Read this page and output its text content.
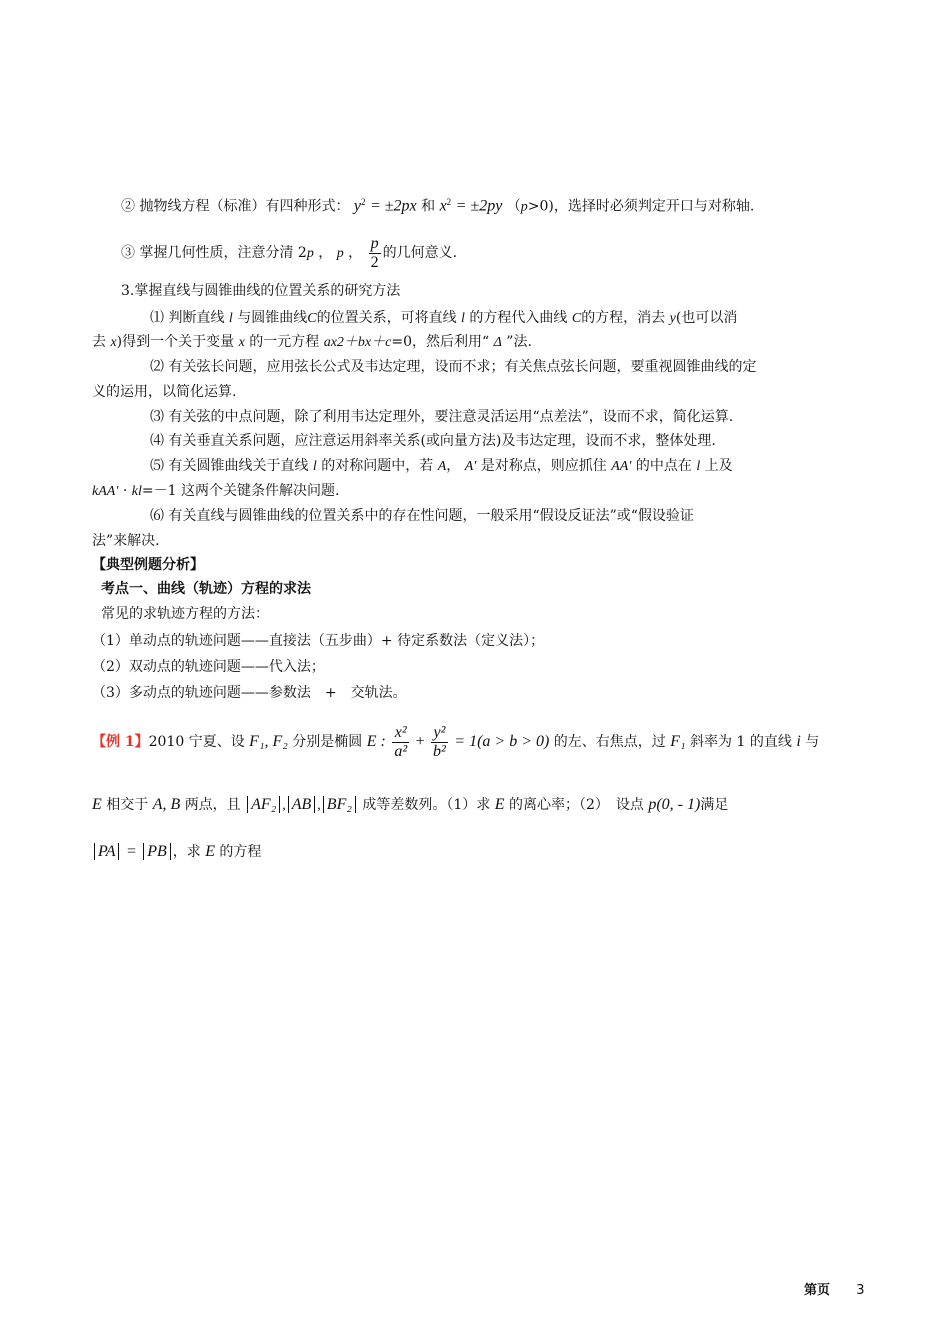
② 抛物线方程（标准）有四种形式： $y^2 = \pm 2px$ 和 $x^2 = \pm 2py$ （p>0)，选择时必须判定开口与对称轴.
③ 掌握几何性质，注意分清 2p ， p ， $\frac{p}{2}$ 的几何意义.
3.掌握直线与圆锥曲线的位置关系的研究方法
⑴ 判断直线 l 与圆锥曲线C的位置关系，可将直线 l 的方程代入曲线 C的方程，消去 y(也可以消
去 x)得到一个关于变量 x 的一元方程 ax2＋bx＋c=0，然后利用“ Δ ”法.
⑵ 有关弦长问题，应用弦长公式及韦达定理，设而不求；有关焦点弦长问题，要重视圆锥曲线的定
义的运用，以简化运算.
⑶ 有关弦的中点问题，除了利用韦达定理外，要注意灵活运用“点差法”，设而不求，简化运算.
⑷ 有关垂直关系问题，应注意运用斜率关系(或向量方法)及韦达定理，设而不求，整体处理.
⑸ 有关圆锥曲线关于直线 l 的对称问题中，若 A， A′ 是对称点，则应抓住 AA′ 的中点在 l 上及
kAA′ · kl=－1 这两个关键条件解决问题.
⑹ 有关直线与圆锥曲线的位置关系中的存在性问题，一般采用“假设反证法”或“假设验证
法”来解决.
【典型例题分析】
考点一、曲线（轨迹）方程的求法
常见的求轨迹方程的方法：
（1）单动点的轨迹问题——直接法（五步曲）+ 待定系数法（定义法）；
（2）双动点的轨迹问题——代入法；
（3）多动点的轨迹问题——参数法　+　交轨法。
【例 1】2010 宁夏、设 F₁, F₂ 分别是椭圆 E : $\frac{\text{x²}}{\text{a²}} + \frac{\text{y²}}{\text{b²}} = 1(a > b > 0)$ 的左、右焦点，过 F₁ 斜率为 1 的直线 i 与
E 相交于 A, B 两点，且 AF₂ , AB , BF₂ 成等差数列。（1）求 E 的离心率；（2）　设点 p(0, - 1)满足
PA = PB ，求 E 的方程
第页 3
